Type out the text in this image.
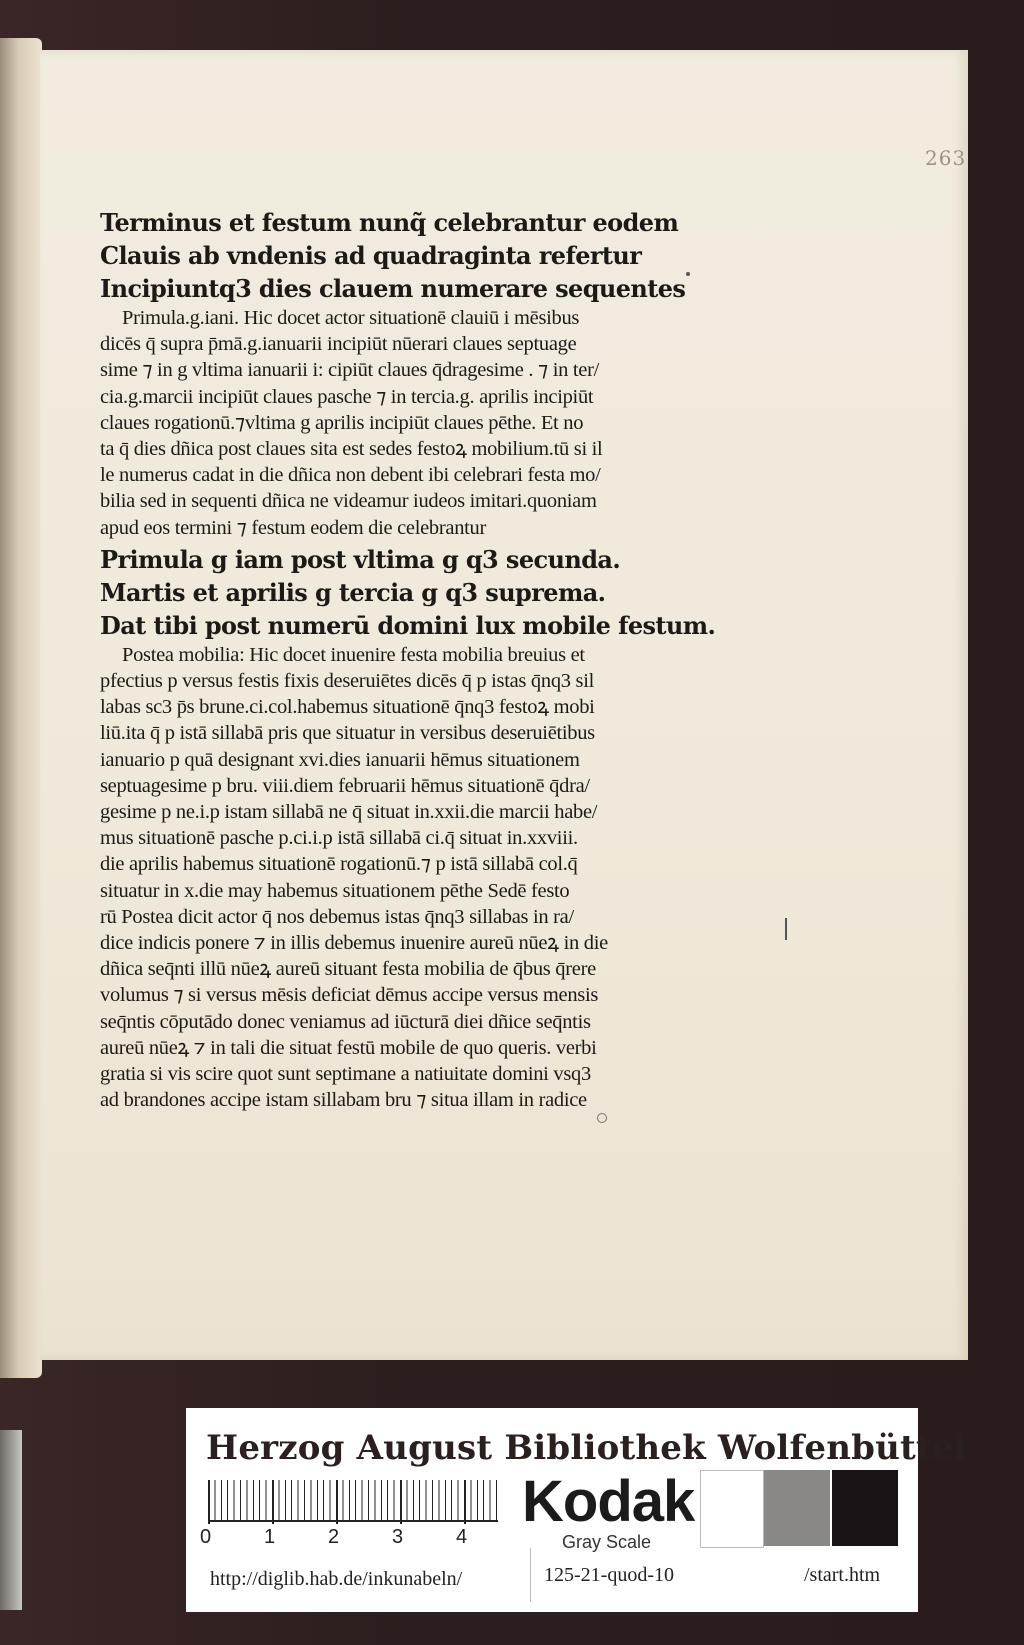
263
Terminus et festum nunq̃ celebrantur eodem
Clauis ab vndenis ad quadraginta refertur
Incipiuntq3 dies clauem numerare sequentes
Primula.g.iani. Hic docet actor situationē clauiū i mēsibus
dicēs q̄ supra p̄mā.g.ianuarii incipiūt nūerari claues septuage
sime ⁊ in g vltima ianuarii i: cipiūt claues q̄dragesime . ⁊ in ter/
cia.g.marcii incipiūt claues pasche ⁊ in tercia.g. aprilis incipiūt
claues rogationū.⁊vltima g aprilis incipiūt claues pēthe. Et no
ta q̄ dies dñica post claues sita est sedes festoꝝ mobilium.tū si il
le numerus cadat in die dñica non debent ibi celebrari festa mo/
bilia sed in sequenti dñica ne videamur iudeos imitari.quoniam
apud eos termini ⁊ festum eodem die celebrantur
Primula g iam post vltima g q3 secunda.
Martis et aprilis g tercia g q3 suprema.
Dat tibi post numerū domini lux mobile festum.
Postea mobilia: Hic docet inuenire festa mobilia breuius et
pfectius p versus festis fixis deseruiētes dicēs q̄ p istas q̄nq3 sil
labas sc3 p̄s brune.ci.col.habemus situationē q̄nq3 festoꝝ mobi
liū.ita q̄ p istā sillabā pris que situatur in versibus deseruiētibus
ianuario p quā designant xvi.dies ianuarii hēmus situationem
septuagesime p bru. viii.diem februarii hēmus situationē q̄dra/
gesime p ne.i.p istam sillabā ne q̄ situat in.xxii.die marcii habe/
mus situationē pasche p.ci.i.p istā sillabā ci.q̄ situat in.xxviii.
die aprilis habemus situationē rogationū.⁊ p istā sillabā col.q̄
situatur in x.die may habemus situationem pēthe Sedē festo
rū Postea dicit actor q̄ nos debemus istas q̄nq3 sillabas in ra/
dice indicis ponere ⁊ in illis debemus inuenire aureū nūeꝝ in die
dñica seq̄nti illū nūeꝝ aureū situant festa mobilia de q̄bus q̄rere
volumus ⁊ si versus mēsis deficiat dēmus accipe versus mensis
seq̄ntis cōputādo donec veniamus ad iūcturā diei dñice seq̄ntis
aureū nūeꝝ ⁊ in tali die situat festū mobile de quo queris. verbi
gratia si vis scire quot sunt septimane a natiuitate domini vsq3
ad brandones accipe istam sillabam bru ⁊ situa illam in radice
Herzog August Bibliothek Wolfenbüttel
0	1	2	3	4
Kodak
Gray Scale
http://diglib.hab.de/inkunabeln/	125-21-quod-10	/start.htm
